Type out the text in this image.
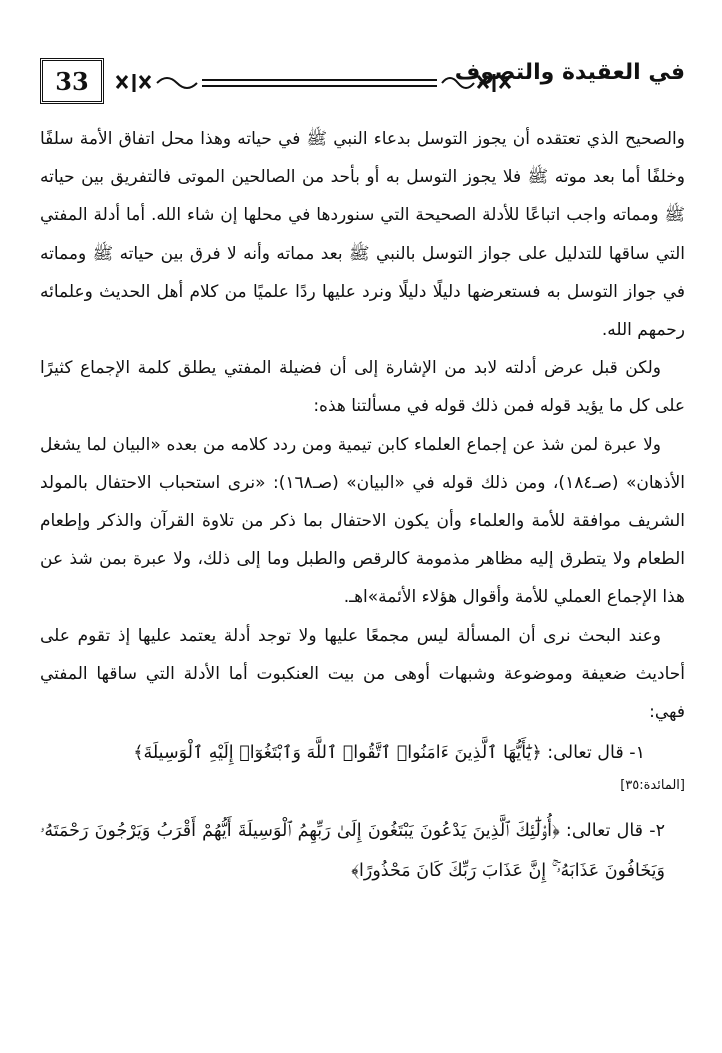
33	في العقيدة والتصوف

والصحيح الذي تعتقده أن يجوز التوسل بدعاء النبي ﷺ في حياته وهذا محل اتفاق الأمة سلفًا وخلفًا أما بعد موته ﷺ فلا يجوز التوسل به أو بأحد من الصالحين الموتى فالتفريق بين حياته ﷺ ومماته واجب اتباعًا للأدلة الصحيحة التي سنوردها في محلها إن شاء الله. أما أدلة المفتي التي ساقها للتدليل على جواز التوسل بالنبي ﷺ بعد مماته وأنه لا فرق بين حياته ﷺ ومماته في جواز التوسل به فستعرضها دليلًا دليلًا ونرد عليها ردًا علميًا من كلام أهل الحديث وعلمائه رحمهم الله.

ولكن قبل عرض أدلته لابد من الإشارة إلى أن فضيلة المفتي يطلق كلمة الإجماع كثيرًا على كل ما يؤيد قوله فمن ذلك قوله في مسألتنا هذه:

ولا عبرة لمن شذ عن إجماع العلماء كابن تيمية ومن ردد كلامه من بعده «البيان لما يشغل الأذهان» (صـ١٨٤)، ومن ذلك قوله في «البيان» (صـ١٦٨): «نرى استحباب الاحتفال بالمولد الشريف موافقة للأمة والعلماء وأن يكون الاحتفال بما ذكر من تلاوة القرآن والذكر وإطعام الطعام ولا يتطرق إليه مظاهر مذمومة كالرقص والطبل وما إلى ذلك، ولا عبرة بمن شذ عن هذا الإجماع العملي للأمة وأقوال هؤلاء الأئمة»اهـ.

وعند البحث نرى أن المسألة ليس مجمعًا عليها ولا توجد أدلة يعتمد عليها إذ تقوم على أحاديث ضعيفة وموضوعة وشبهات أوهى من بيت العنكبوت أما الأدلة التي ساقها المفتي فهي:

١- قال تعالى: ﴿يَٰٓأَيُّهَا ٱلَّذِينَ ءَامَنُوا۟ ٱتَّقُوا۟ ٱللَّهَ وَٱبْتَغُوٓا۟ إِلَيْهِ ٱلْوَسِيلَةَ﴾

[المائدة:٣٥]

٢- قال تعالى: ﴿أُو۟لَٰٓئِكَ ٱلَّذِينَ يَدْعُونَ يَبْتَغُونَ إِلَىٰ رَبِّهِمُ ٱلْوَسِيلَةَ أَيُّهُمْ أَقْرَبُ وَيَرْجُونَ رَحْمَتَهُۥ وَيَخَافُونَ عَذَابَهُۥٓ ۚ إِنَّ عَذَابَ رَبِّكَ كَانَ مَحْذُورًا﴾
